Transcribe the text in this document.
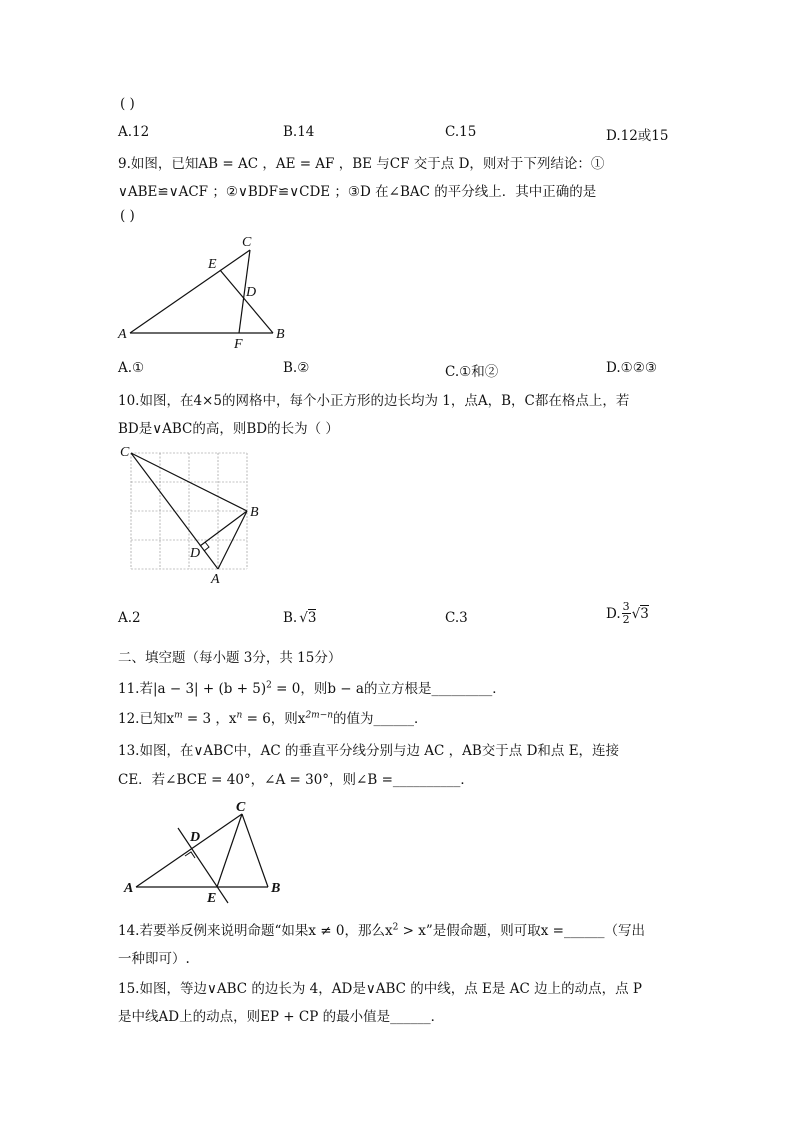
( )
A.12	B.14	C.15	D.12或15
9.如图，已知AB = AC ，AE = AF ，BE 与CF 交于点 D，则对于下列结论：①
∨ABE≌∨ACF ；②∨BDF≌∨CDE ；③D 在∠BAC 的平分线上．其中正确的是
( )
A	B
C
D
E
F
A.①	B.②	C.①和②	D.①②③
10.如图，在4×5的网格中，每个小正方形的边长均为 1，点A，B，C都在格点上，若
BD是∨ABC的高，则BD的长为（ ）
C
B
D
A
A.2	B. √3	C.3	D. $\frac{3}{2}$ √ 3
二、填空题（每小题 3分，共 15分）
11.若$|a - 3| + (b + 5)^2 = 0$，则b − a的立方根是_________．
12.已知$x^m = 3$ ，$x^n = 6$，则$x^{2m-n}$的值为______．
13.如图，在∨ABC中，AC 的垂直平分线分别与边 AC ，AB交于点 D和点 E，连接
CE．若∠BCE = 40°，∠A = 30°，则∠B =__________．
A	B
C
D
E
14.若要举反例来说明命题“如果x ≠ 0，那么$x^2 > x$”是假命题，则可取x =______（写出
一种即可）.
15.如图，等边∨ABC 的边长为 4，AD是∨ABC 的中线，点 E是 AC 边上的动点，点 P
是中线AD上的动点，则EP + CP 的最小值是______．
